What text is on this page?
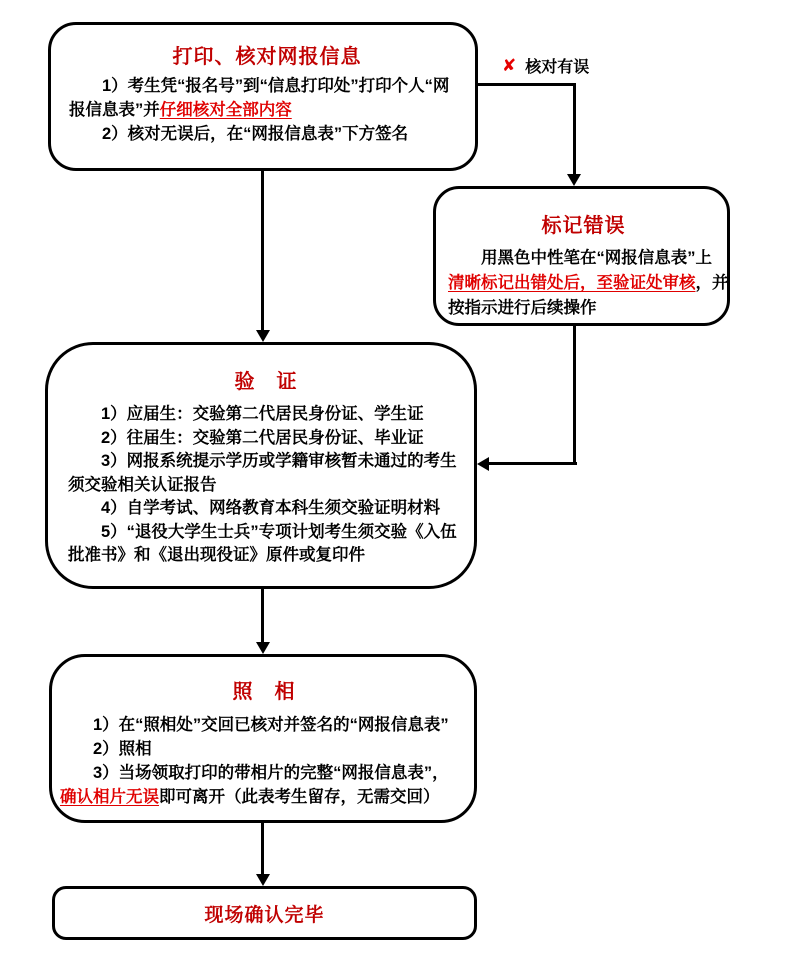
打印、核对网报信息
1）考生凭“报名号”到“信息打印处”打印个人“网
报信息表”并仔细核对全部内容
2）核对无误后，在“网报信息表”下方签名
✘ 核对有误
标记错误
用黑色中性笔在“网报信息表”上
清晰标记出错处后，至验证处审核，并
按指示进行后续操作
验　证
1）应届生：交验第二代居民身份证、学生证
2）往届生：交验第二代居民身份证、毕业证
3）网报系统提示学历或学籍审核暂未通过的考生
须交验相关认证报告
4）自学考试、网络教育本科生须交验证明材料
5）“退役大学生士兵”专项计划考生须交验《入伍
批准书》和《退出现役证》原件或复印件
照　相
1）在“照相处”交回已核对并签名的“网报信息表”
2）照相
3）当场领取打印的带相片的完整“网报信息表”，
确认相片无误即可离开（此表考生留存，无需交回）
现场确认完毕
